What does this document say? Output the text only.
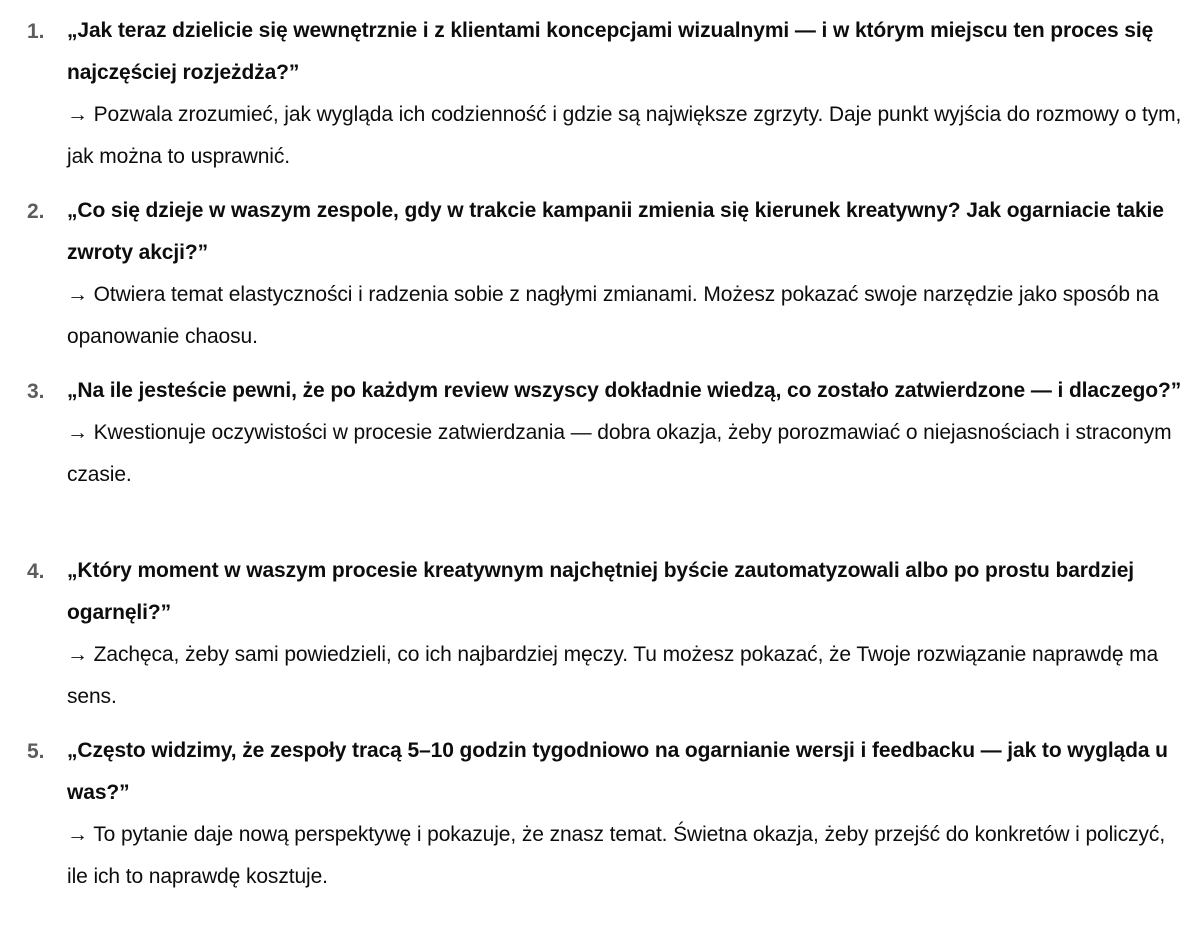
1. „Jak teraz dzielicie się wewnętrznie i z klientami koncepcjami wizualnymi — i w którym miejscu ten proces się najczęściej rozjeżdża?”
→ Pozwala zrozumieć, jak wygląda ich codzienność i gdzie są największe zgrzyty. Daje punkt wyjścia do rozmowy o tym, jak można to usprawnić.
2. „Co się dzieje w waszym zespole, gdy w trakcie kampanii zmienia się kierunek kreatywny? Jak ogarniacie takie zwroty akcji?”
→ Otwiera temat elastyczności i radzenia sobie z nagłymi zmianami. Możesz pokazać swoje narzędzie jako sposób na opanowanie chaosu.
3. „Na ile jesteście pewni, że po każdym review wszyscy dokładnie wiedzą, co zostało zatwierdzone — i dlaczego?”
→ Kwestionuje oczywistości w procesie zatwierdzania — dobra okazja, żeby porozmawiać o niejasnościach i straconym czasie.
4. „Który moment w waszym procesie kreatywnym najchętniej byście zautomatyzowali albo po prostu bardziej ogarnęli?”
→ Zachęca, żeby sami powiedzieli, co ich najbardziej męczy. Tu możesz pokazać, że Twoje rozwiązanie naprawdę ma sens.
5. „Często widzimy, że zespoły tracą 5–10 godzin tygodniowo na ogarnianie wersji i feedbacku — jak to wygląda u was?”
→ To pytanie daje nową perspektywę i pokazuje, że znasz temat. Świetna okazja, żeby przejść do konkretów i policzyć, ile ich to naprawdę kosztuje.
